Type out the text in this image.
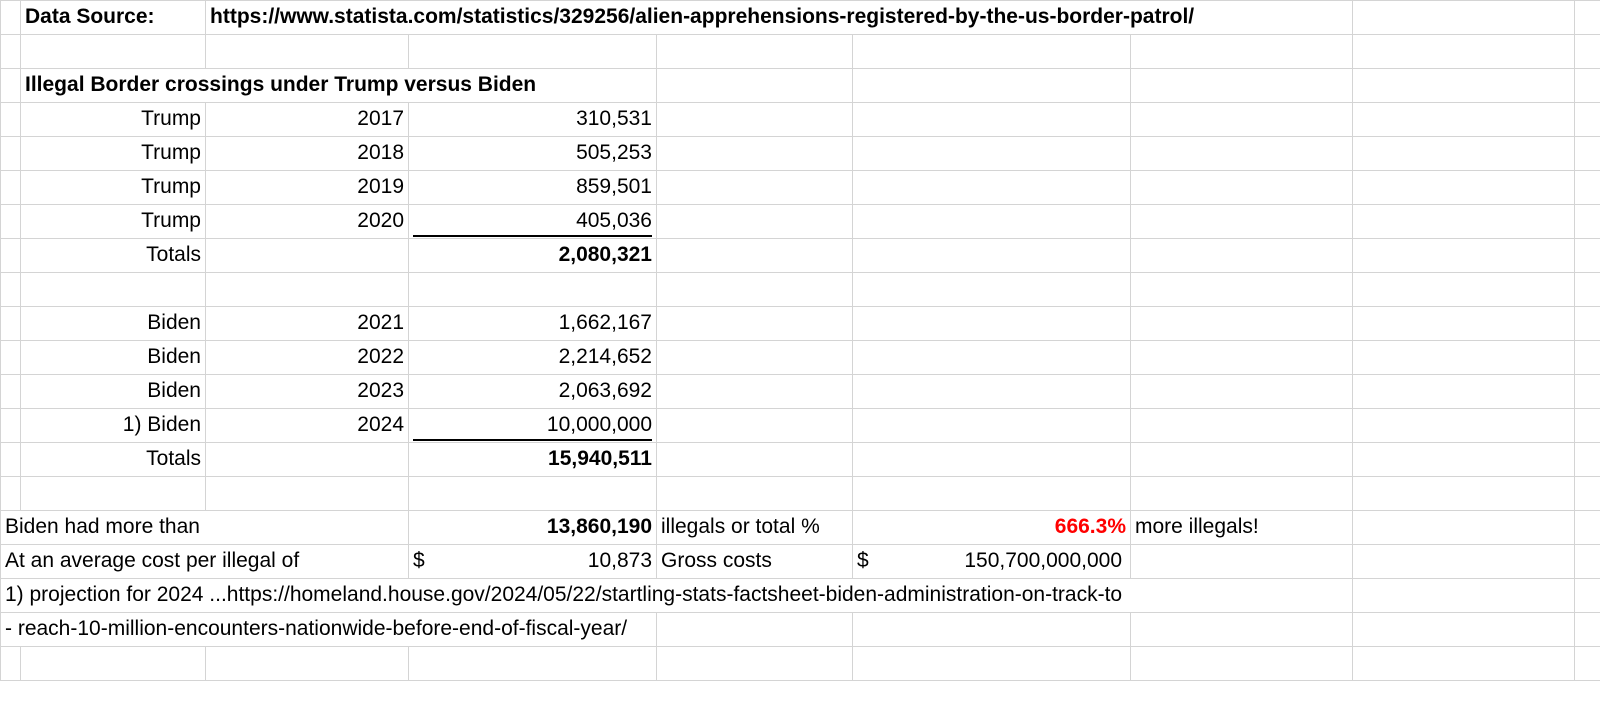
	Data Source:	https://www.statista.com/statistics/329256/alien-apprehensions-registered-by-the-us-border-patrol/						

	Illegal Border crossings under Trump versus Biden							
	Trump	2017	310,531					
	Trump	2018	505,253					
	Trump	2019	859,501					
	Trump	2020	405,036					
	Totals		2,080,321					

	Biden	2021	1,662,167					
	Biden	2022	2,214,652					
	Biden	2023	2,063,692					
	1) Biden	2024	10,000,000					
	Totals		15,940,511					

Biden had more than			13,860,190	illegals or total %	666.3%	more illegals!		
At an average cost per illegal of			$ 10,873	Gross costs	$ 150,700,000,000			

1) projection for 2024 ...https://homeland.house.gov/2024/05/22/startling-stats-factsheet-biden-administration-on-track-to								
- reach-10-million-encounters-nationwide-before-end-of-fiscal-year/								
